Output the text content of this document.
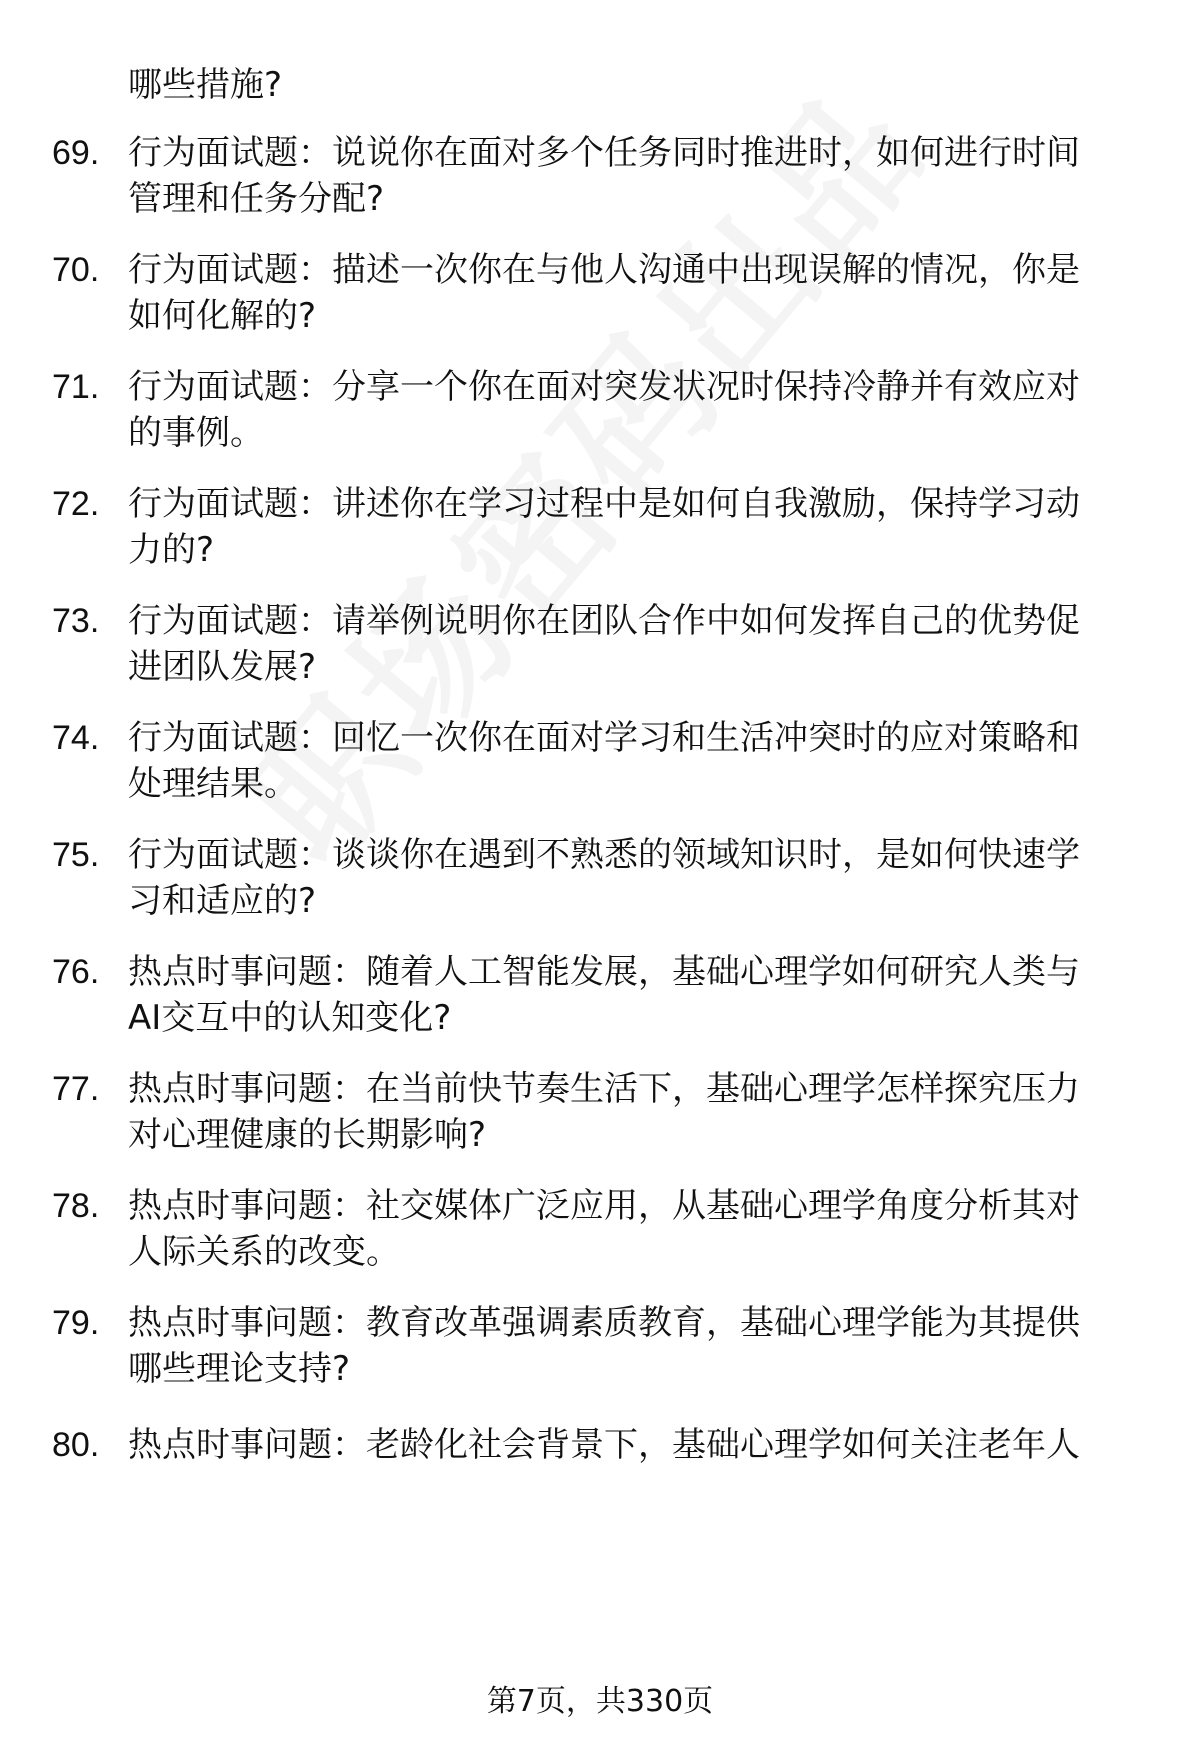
哪些措施?
69. 行为面试题：说说你在面对多个任务同时推进时，如何进行时间
管理和任务分配?
70. 行为面试题：描述一次你在与他人沟通中出现误解的情况，你是
如何化解的?
71. 行为面试题：分享一个你在面对突发状况时保持冷静并有效应对
的事例。
72. 行为面试题：讲述你在学习过程中是如何自我激励，保持学习动
力的?
73. 行为面试题：请举例说明你在团队合作中如何发挥自己的优势促
进团队发展?
74. 行为面试题：回忆一次你在面对学习和生活冲突时的应对策略和
处理结果。
75. 行为面试题：谈谈你在遇到不熟悉的领域知识时，是如何快速学
习和适应的?
76. 热点时事问题：随着人工智能发展，基础心理学如何研究人类与
AI交互中的认知变化?
77. 热点时事问题：在当前快节奏生活下，基础心理学怎样探究压力
对心理健康的长期影响?
78. 热点时事问题：社交媒体广泛应用，从基础心理学角度分析其对
人际关系的改变。
79. 热点时事问题：教育改革强调素质教育，基础心理学能为其提供
哪些理论支持?
80. 热点时事问题：老龄化社会背景下，基础心理学如何关注老年人
第7页，共330页
